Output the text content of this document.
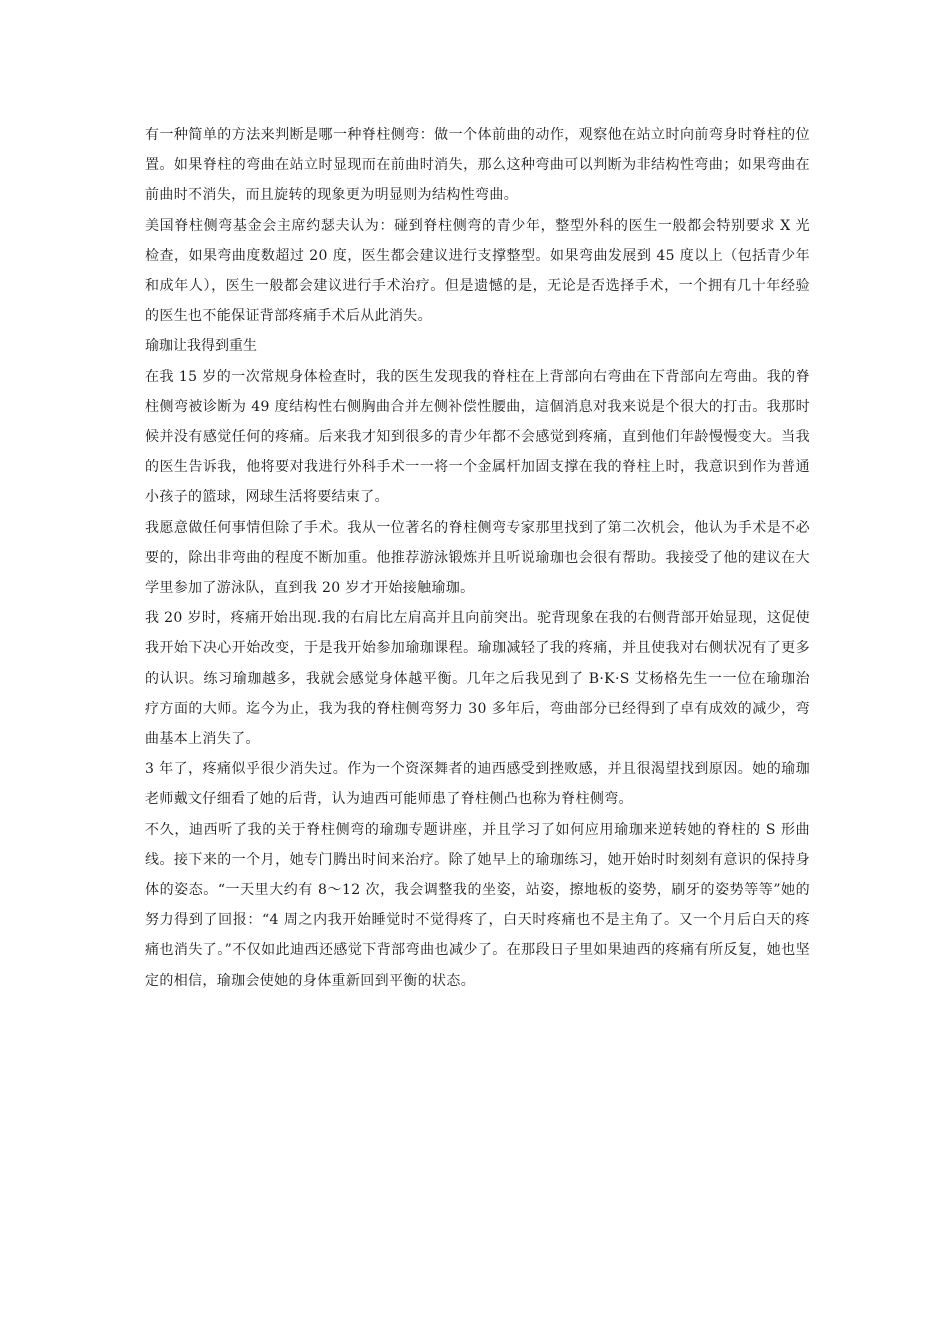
有一种简单的方法来判断是哪一种脊柱侧弯：做一个体前曲的动作，观察他在站立时向前弯身时脊柱的位置。如果脊柱的弯曲在站立时显现而在前曲时消失，那么这种弯曲可以判断为非结构性弯曲；如果弯曲在前曲时不消失，而且旋转的现象更为明显则为结构性弯曲。

美国脊柱侧弯基金会主席约瑟夫认为：碰到脊柱侧弯的青少年，整型外科的医生一般都会特别要求 X 光检查，如果弯曲度数超过 20 度，医生都会建议进行支撑整型。如果弯曲发展到 45 度以上（包括青少年和成年人），医生一般都会建议进行手术治疗。但是遗憾的是，无论是否选择手术，一个拥有几十年经验的医生也不能保证背部疼痛手术后从此消失。

瑜珈让我得到重生

在我 15 岁的一次常规身体检查时，我的医生发现我的脊柱在上背部向右弯曲在下背部向左弯曲。我的脊柱侧弯被诊断为 49 度结构性右侧胸曲合并左侧补偿性腰曲，這個消息对我来说是个很大的打击。我那时候并没有感觉任何的疼痛。后来我才知到很多的青少年都不会感觉到疼痛，直到他们年龄慢慢变大。当我的医生告诉我，他将要对我进行外科手术一一将一个金属杆加固支撑在我的脊柱上时，我意识到作为普通小孩子的篮球，网球生活将要结束了。

我愿意做任何事情但除了手术。我从一位著名的脊柱侧弯专家那里找到了第二次机会，他认为手术是不必要的，除出非弯曲的程度不断加重。他推荐游泳锻炼并且听说瑜珈也会很有帮助。我接受了他的建议在大学里参加了游泳队，直到我 20 岁才开始接触瑜珈。

我 20 岁时，疼痛开始出现.我的右肩比左肩高并且向前突出。驼背现象在我的右侧背部开始显现，这促使我开始下决心开始改变，于是我开始参加瑜珈课程。瑜珈减轻了我的疼痛，并且使我对右侧状况有了更多的认识。练习瑜珈越多，我就会感觉身体越平衡。几年之后我见到了 B·K·S 艾杨格先生一一位在瑜珈治疗方面的大师。迄今为止，我为我的脊柱侧弯努力 30 多年后，弯曲部分已经得到了卓有成效的减少，弯曲基本上消失了。

3 年了，疼痛似乎很少消失过。作为一个资深舞者的迪西感受到挫败感，并且很渴望找到原因。她的瑜珈老师戴文仔细看了她的后背，认为迪西可能师患了脊柱侧凸也称为脊柱侧弯。

不久，迪西听了我的关于脊柱侧弯的瑜珈专题讲座，并且学习了如何应用瑜珈来逆转她的脊柱的 S 形曲线。接下来的一个月，她专门腾出时间来治疗。除了她早上的瑜珈练习，她开始时时刻刻有意识的保持身体的姿态。“一天里大约有 8～12 次，我会调整我的坐姿，站姿，擦地板的姿势，刷牙的姿势等等”她的努力得到了回报：“4 周之内我开始睡觉时不觉得疼了，白天时疼痛也不是主角了。又一个月后白天的疼痛也消失了。”不仅如此迪西还感觉下背部弯曲也减少了。在那段日子里如果迪西的疼痛有所反复，她也坚定的相信，瑜珈会使她的身体重新回到平衡的状态。
